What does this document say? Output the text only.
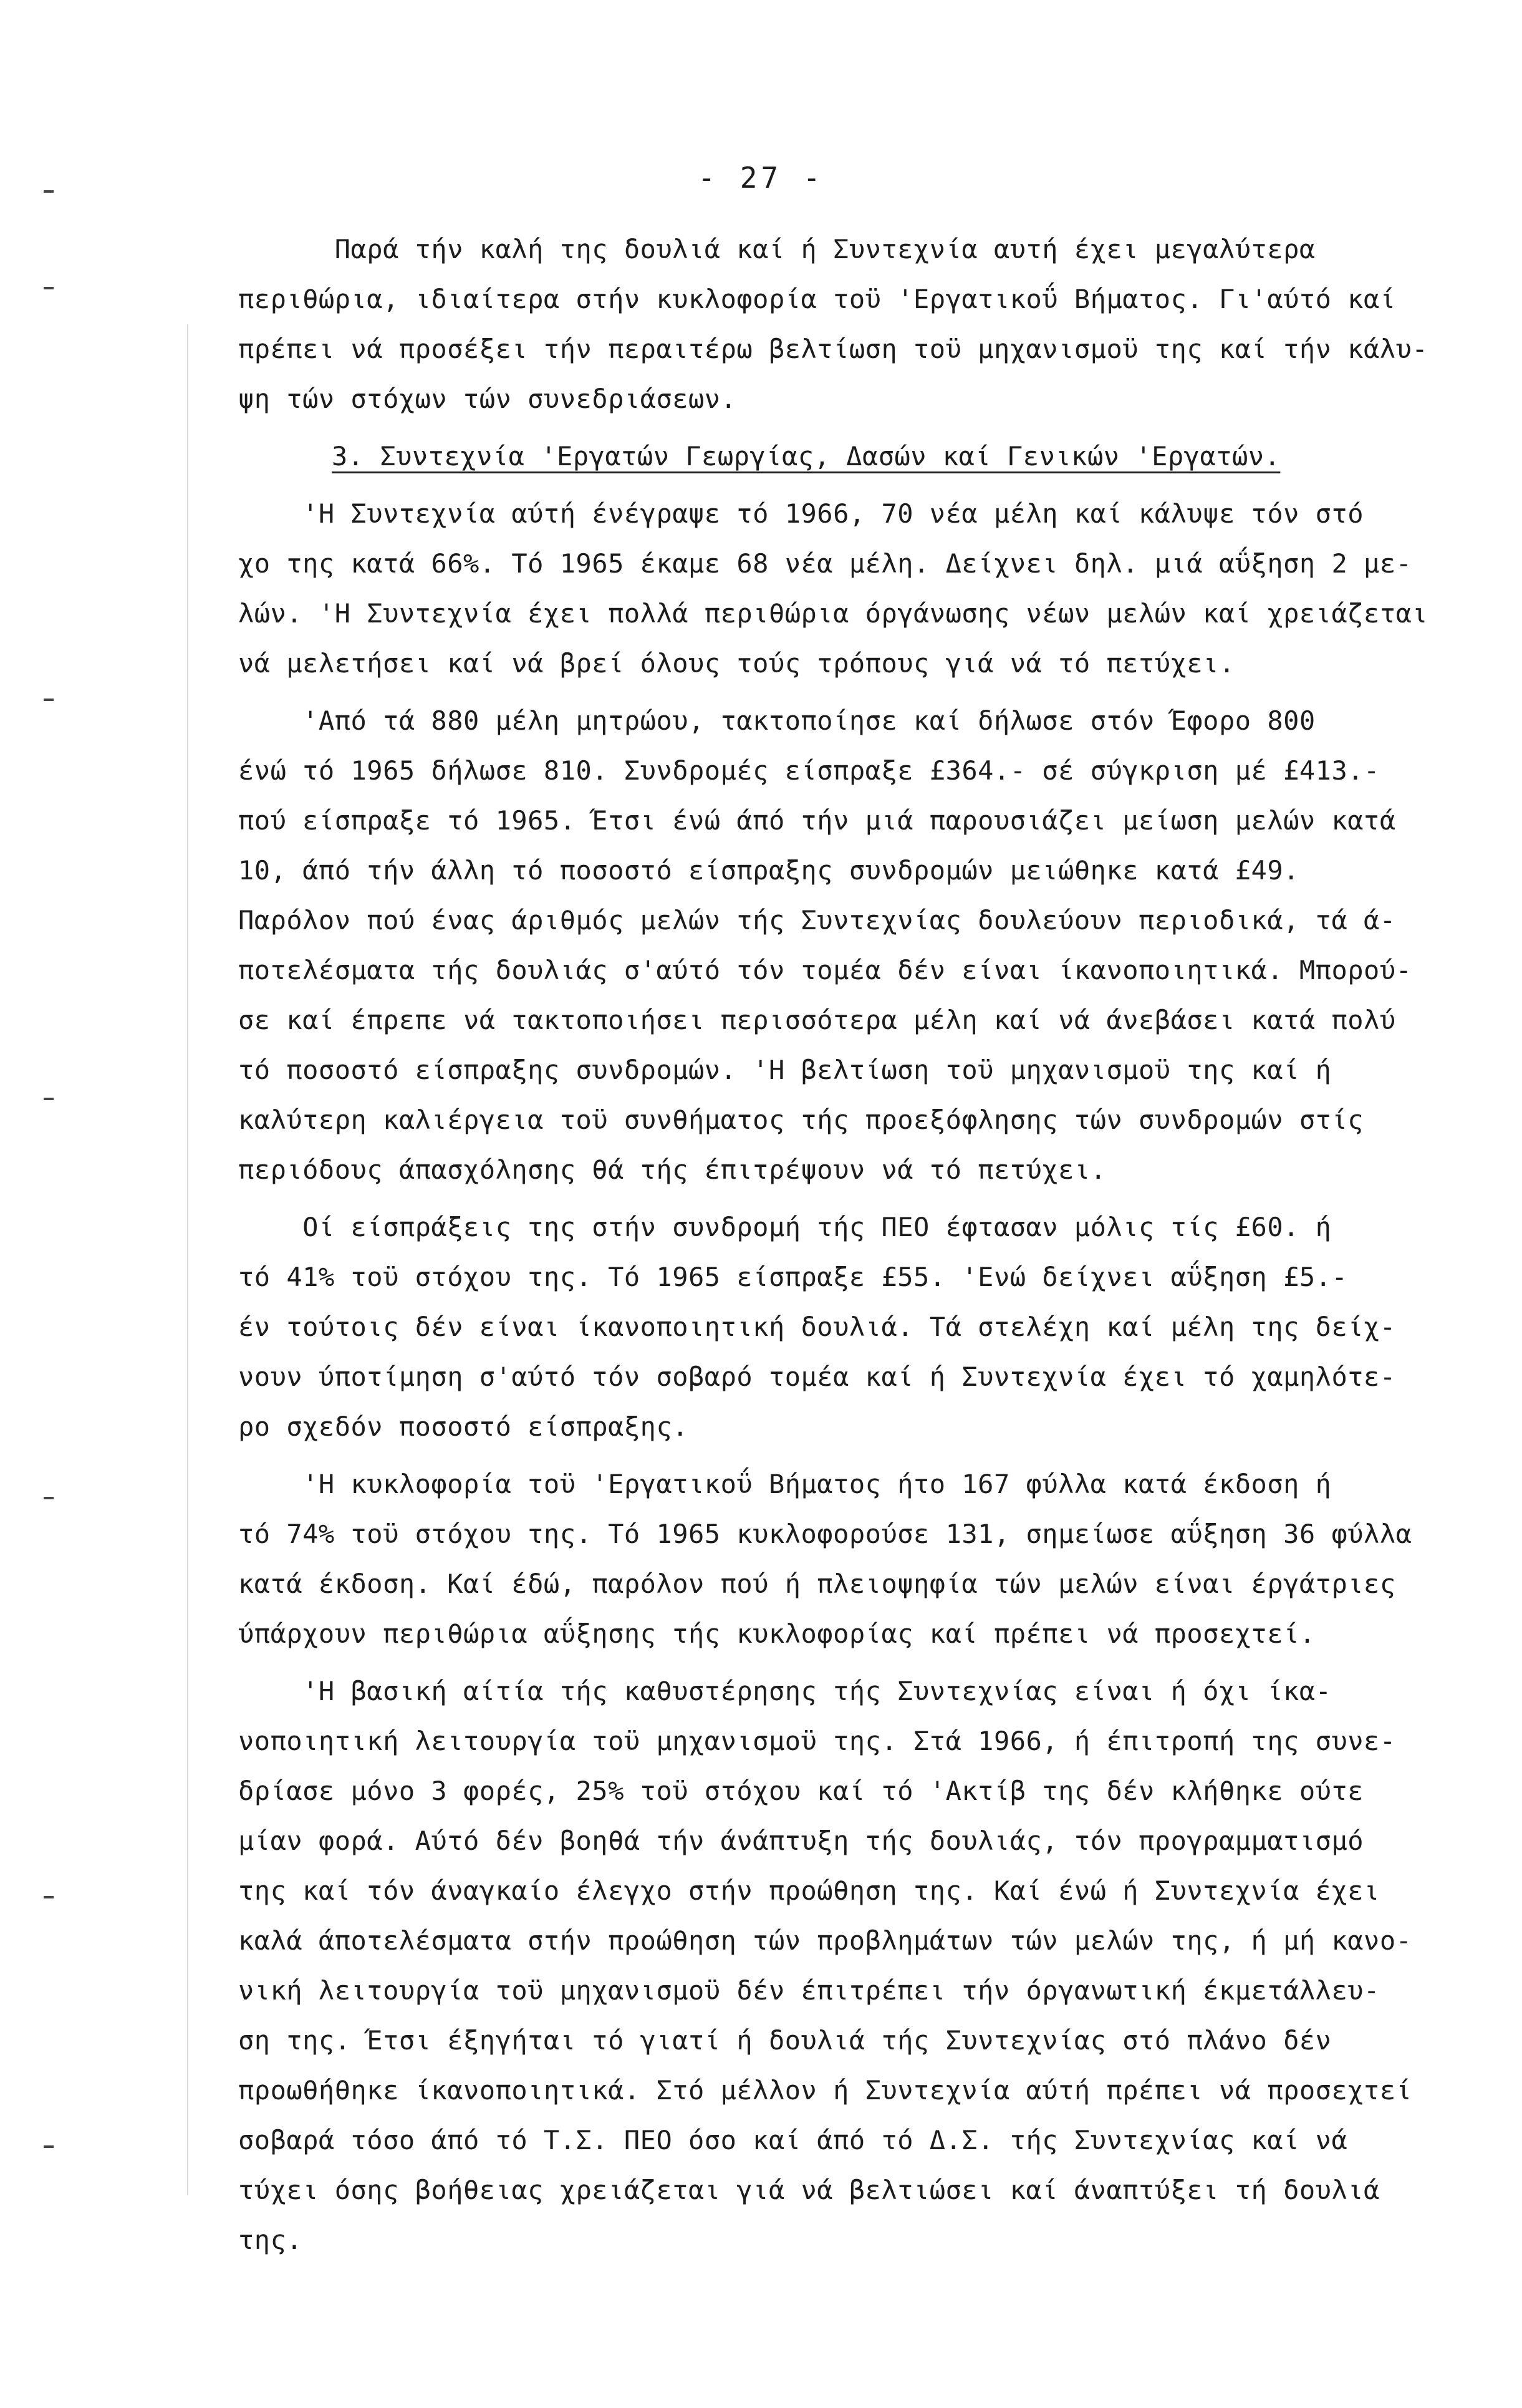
- 27 -
Παρά τήν καλή της δουλιά καί ή Συντεχνία αυτή έχει μεγαλύτερα
περιθώρια, ιδιαίτερα στήν κυκλοφορία τοϋ 'Εργατικοΰ Βήματος. Γι'αύτό καί
πρέπει νά προσέξει τήν περαιτέρω βελτίωση τοϋ μηχανισμοϋ της καί τήν κάλυ-
ψη τών στόχων τών συνεδριάσεων.
3. Συντεχνία 'Εργατών Γεωργίας, Δασών καί Γενικών 'Εργατών.
'Η Συντεχνία αύτή ένέγραψε τό 1966, 70 νέα μέλη καί κάλυψε τόν στό
χο της κατά 66%. Τό 1965 έκαμε 68 νέα μέλη. Δείχνει δηλ. μιά αΰξηση 2 με-
λών. 'Η Συντεχνία έχει πολλά περιθώρια όργάνωσης νέων μελών καί χρειάζεται
νά μελετήσει καί νά βρεί όλους τούς τρόπους γιά νά τό πετύχει.
'Από τά 880 μέλη μητρώου, τακτοποίησε καί δήλωσε στόν Έφορο 800
ένώ τό 1965 δήλωσε 810. Συνδρομές είσπραξε £364.- σέ σύγκριση μέ £413.-
πού είσπραξε τό 1965. Έτσι ένώ άπό τήν μιά παρουσιάζει μείωση μελών κατά
10, άπό τήν άλλη τό ποσοστό είσπραξης συνδρομών μειώθηκε κατά £49.
Παρόλον πού ένας άριθμός μελών τής Συντεχνίας δουλεύουν περιοδικά, τά ά-
ποτελέσματα τής δουλιάς σ'αύτό τόν τομέα δέν είναι ίκανοποιητικά. Μπορού-
σε καί έπρεπε νά τακτοποιήσει περισσότερα μέλη καί νά άνεβάσει κατά πολύ
τό ποσοστό είσπραξης συνδρομών. 'Η βελτίωση τοϋ μηχανισμοϋ της καί ή
καλύτερη καλιέργεια τοϋ συνθήματος τής προεξόφλησης τών συνδρομών στίς
περιόδους άπασχόλησης θά τής έπιτρέψουν νά τό πετύχει.
Οί είσπράξεις της στήν συνδρομή τής ΠΕΟ έφτασαν μόλις τίς £60. ή
τό 41% τοϋ στόχου της. Τό 1965 είσπραξε £55. 'Ενώ δείχνει αΰξηση £5.-
έν τούτοις δέν είναι ίκανοποιητική δουλιά. Τά στελέχη καί μέλη της δείχ-
νουν ύποτίμηση σ'αύτό τόν σοβαρό τομέα καί ή Συντεχνία έχει τό χαμηλότε-
ρο σχεδόν ποσοστό είσπραξης.
'Η κυκλοφορία τοϋ 'Εργατικοΰ Βήματος ήτο 167 φύλλα κατά έκδοση ή
τό 74% τοϋ στόχου της. Τό 1965 κυκλοφορούσε 131, σημείωσε αΰξηση 36 φύλλα
κατά έκδοση. Καί έδώ, παρόλον πού ή πλειοψηφία τών μελών είναι έργάτριες
ύπάρχουν περιθώρια αΰξησης τής κυκλοφορίας καί πρέπει νά προσεχτεί.
'Η βασική αίτία τής καθυστέρησης τής Συντεχνίας είναι ή όχι ίκα-
νοποιητική λειτουργία τοϋ μηχανισμοϋ της. Στά 1966, ή έπιτροπή της συνε-
δρίασε μόνο 3 φορές, 25% τοϋ στόχου καί τό 'Ακτίβ της δέν κλήθηκε ούτε
μίαν φορά. Αύτό δέν βοηθά τήν άνάπτυξη τής δουλιάς, τόν προγραμματισμό
της καί τόν άναγκαίο έλεγχο στήν προώθηση της. Καί ένώ ή Συντεχνία έχει
καλά άποτελέσματα στήν προώθηση τών προβλημάτων τών μελών της, ή μή κανο-
νική λειτουργία τοϋ μηχανισμοϋ δέν έπιτρέπει τήν όργανωτική έκμετάλλευ-
ση της. Έτσι έξηγήται τό γιατί ή δουλιά τής Συντεχνίας στό πλάνο δέν
προωθήθηκε ίκανοποιητικά. Στό μέλλον ή Συντεχνία αύτή πρέπει νά προσεχτεί
σοβαρά τόσο άπό τό Τ.Σ. ΠΕΟ όσο καί άπό τό Δ.Σ. τής Συντεχνίας καί νά
τύχει όσης βοήθειας χρειάζεται γιά νά βελτιώσει καί άναπτύξει τή δουλιά
της.
